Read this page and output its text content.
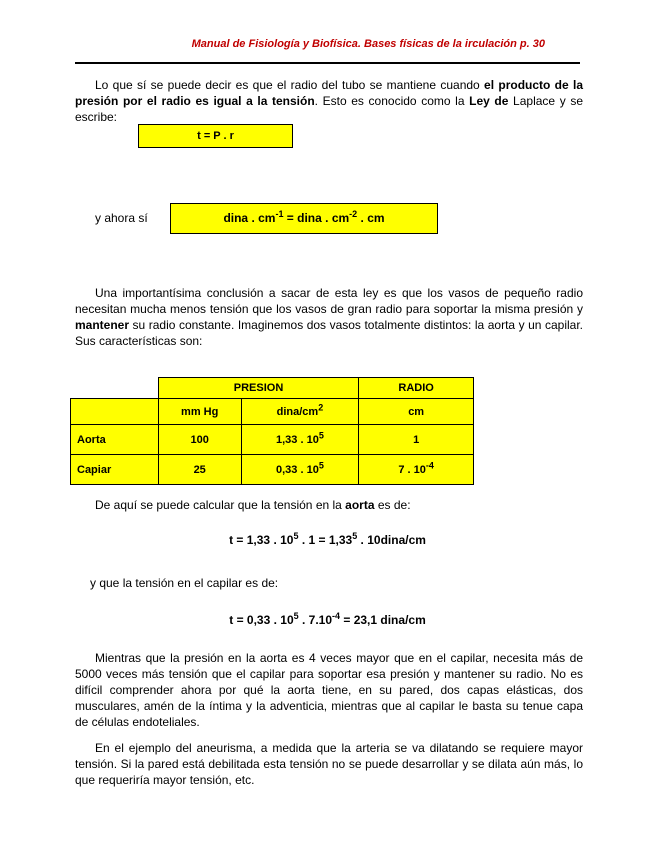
Manual de Fisiología y Biofísica. Bases físicas de la irculación p. 30

Lo que sí se puede decir es que el radio del tubo se mantiene cuando el producto de la presión por el radio es igual a la tensión. Esto es conocido como la Ley de Laplace y se escribe:

t = P . r
y ahora sí	dina . $cm^{-1}$ = dina . $cm^{-2}$ . cm

Una importantísima conclusión a sacar de esta ley es que los vasos de pequeño radio necesitan mucha menos tensión que los vasos de gran radio para soportar la misma presión y mantener su radio constante. Imaginemos dos vasos totalmente distintos: la aorta y un capilar. Sus características son:

	PRESION		RADIO
	mm Hg	dina/$cm^2$	cm
Aorta	100	1,33 . $10^5$	1
Capiar	25	0,33 . $10^5$	7 . $10^{-4}$

De aquí se puede calcular que la tensión en la aorta es de:

t = 1,33 . $10^5$ . $1 = 1,33^5$ . 10dina/cm

y que la tensión en el capilar es de:

t = 0,33 . $10^5$ . $7.10^{-4} = 23,1$ dina/cm

Mientras que la presión en la aorta es 4 veces mayor que en el capilar, necesita más de 5000 veces más tensión que el capilar para soportar esa presión y mantener su radio. No es difícil comprender ahora por qué la aorta tiene, en su pared, dos capas elásticas, dos musculares, amén de la íntima y la adventicia, mientras que al capilar le basta su tenue capa de células endoteliales.

En el ejemplo del aneurisma, a medida que la arteria se va dilatando se requiere mayor tensión. Si la pared está debilitada esta tensión no se puede desarrollar y se dilata aún más, lo que requeriría mayor tensión, etc.
